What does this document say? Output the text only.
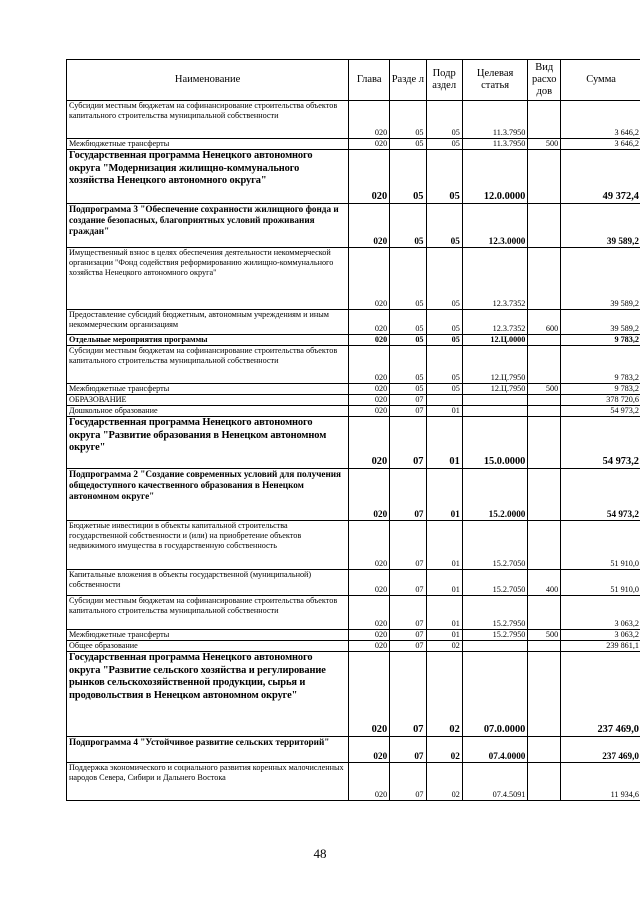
Наименование	Глава	Разде л	Подр аздел	Целевая статья	Вид расхо дов	Сумма
Субсидии местным бюджетам на софинансирование строительства объектов капитального строительства муниципальной собственности	020	05	05	11.3.7950		3 646,2
Межбюджетные трансферты	020	05	05	11.3.7950	500	3 646,2
Государственная программа Ненецкого автономного округа "Модернизация жилищно-коммунального хозяйства Ненецкого автономного округа"	020	05	05	12.0.0000		49 372,4
Подпрограмма 3 "Обеспечение сохранности жилищного фонда и создание безопасных, благоприятных условий проживания граждан"	020	05	05	12.3.0000		39 589,2
Имущественный взнос в целях обеспечения деятельности некоммерческой организации "Фонд содействия реформированию жилищно-коммунального хозяйства Ненецкого автономного округа"	020	05	05	12.3.7352		39 589,2
Предоставление субсидий бюджетным, автономным учреждениям и иным некоммерческим организациям	020	05	05	12.3.7352	600	39 589,2
Отдельные мероприятия программы	020	05	05	12.Ц.0000		9 783,2
Субсидии местным бюджетам на софинансирование строительства объектов капитального строительства муниципальной собственности	020	05	05	12.Ц.7950		9 783,2
Межбюджетные трансферты	020	05	05	12.Ц.7950	500	9 783,2
ОБРАЗОВАНИЕ	020	07				378 720,6
Дошкольное образование	020	07	01			54 973,2
Государственная программа Ненецкого автономного округа "Развитие образования в Ненецком автономном округе"	020	07	01	15.0.0000		54 973,2
Подпрограмма 2 "Создание современных условий для получения общедоступного качественного образования в Ненецком автономном округе"	020	07	01	15.2.0000		54 973,2
Бюджетные инвестиции в объекты капитальной строительства государственной собственности и (или) на приобретение объектов недвижимого имущества в государственную собственность	020	07	01	15.2.7050		51 910,0
Капитальные вложения в объекты государственной (муниципальной) собственности	020	07	01	15.2.7050	400	51 910,0
Субсидии местным бюджетам на софинансирование строительства объектов капитального строительства муниципальной собственности	020	07	01	15.2.7950		3 063,2
Межбюджетные трансферты	020	07	01	15.2.7950	500	3 063,2
Общее образование	020	07	02			239 861,1
Государственная программа Ненецкого автономного округа "Развитие сельского хозяйства и регулирование рынков сельскохозяйственной продукции, сырья и продовольствия в Ненецком автономном округе"	020	07	02	07.0.0000		237 469,0
Подпрограмма 4 "Устойчивое развитие сельских территорий"	020	07	02	07.4.0000		237 469,0
Поддержка экономического и социального развития коренных малочисленных народов Севера, Сибири и Дальнего Востока	020	07	02	07.4.5091		11 934,6
48
